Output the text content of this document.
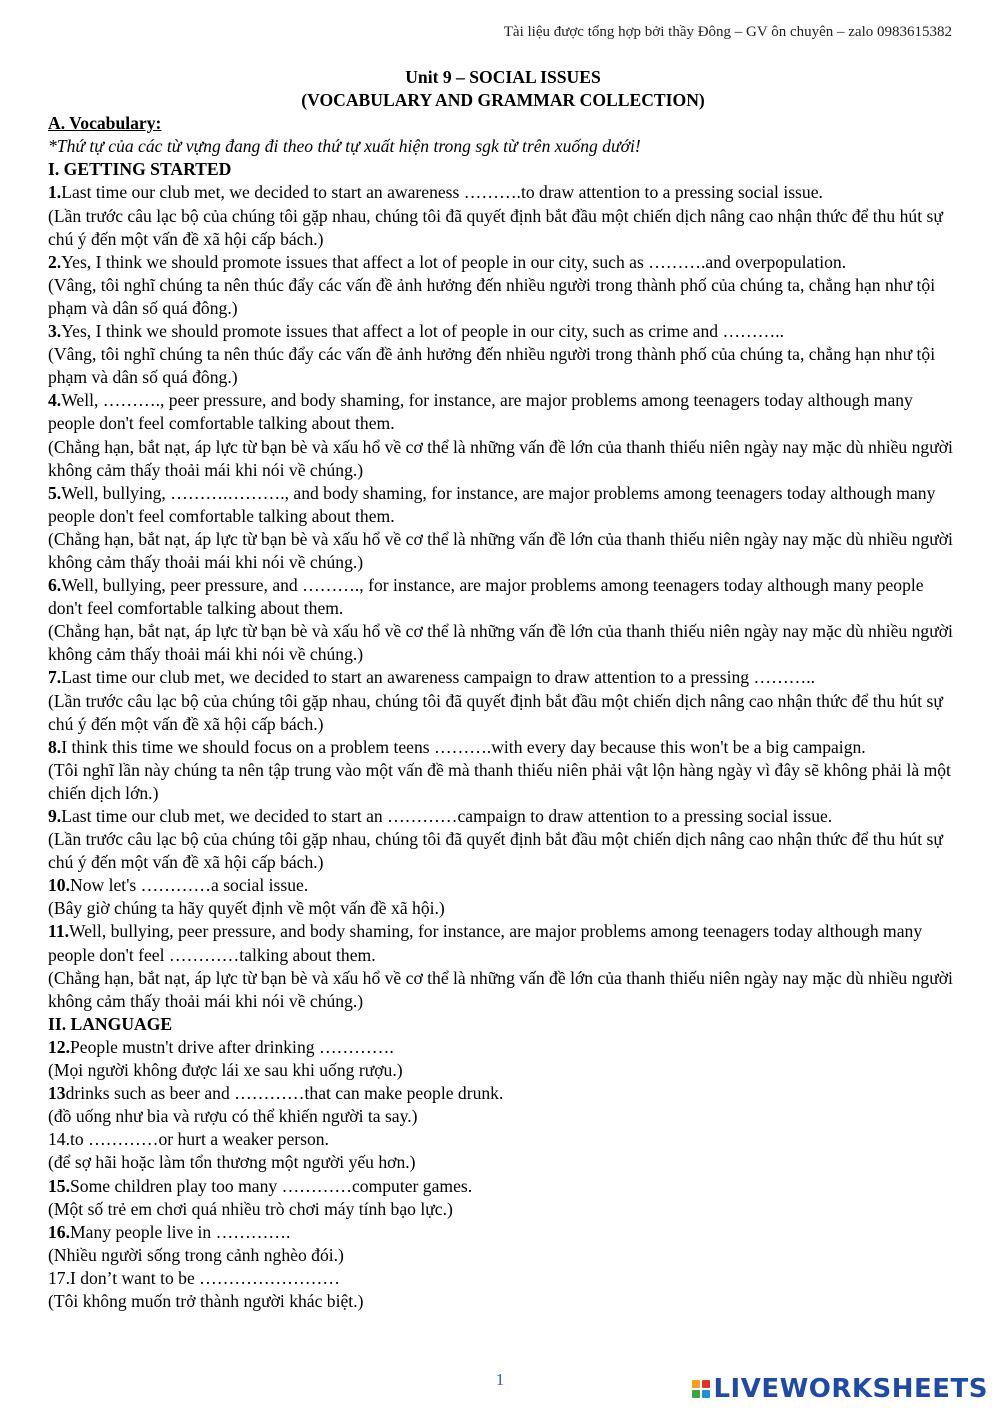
Tài liệu được tổng hợp bởi thầy Đông – GV ôn chuyên – zalo 0983615382
Unit 9 – SOCIAL ISSUES
(VOCABULARY AND GRAMMAR COLLECTION)
A. Vocabulary:
*Thứ tự của các từ vựng đang đi theo thứ tự xuất hiện trong sgk từ trên xuống dưới!
I. GETTING STARTED

1.Last time our club met, we decided to start an awareness ……….to draw attention to a pressing social issue.

(Lần trước câu lạc bộ của chúng tôi gặp nhau, chúng tôi đã quyết định bắt đầu một chiến dịch nâng cao nhận thức để thu hút sự chú ý đến một vấn đề xã hội cấp bách.)

2.Yes, I think we should promote issues that affect a lot of people in our city, such as ……….and overpopulation.

(Vâng, tôi nghĩ chúng ta nên thúc đẩy các vấn đề ảnh hưởng đến nhiều người trong thành phố của chúng ta, chẳng hạn như tội phạm và dân số quá đông.)

3.Yes, I think we should promote issues that affect a lot of people in our city, such as crime and ………..

(Vâng, tôi nghĩ chúng ta nên thúc đẩy các vấn đề ảnh hưởng đến nhiều người trong thành phố của chúng ta, chẳng hạn như tội phạm và dân số quá đông.)

4.Well, ………., peer pressure, and body shaming, for instance, are major problems among teenagers today although many people don't feel comfortable talking about them.

(Chẳng hạn, bắt nạt, áp lực từ bạn bè và xấu hổ về cơ thể là những vấn đề lớn của thanh thiếu niên ngày nay mặc dù nhiều người không cảm thấy thoải mái khi nói về chúng.)

5.Well, bullying, ……….………., and body shaming, for instance, are major problems among teenagers today although many people don't feel comfortable talking about them.

(Chẳng hạn, bắt nạt, áp lực từ bạn bè và xấu hổ về cơ thể là những vấn đề lớn của thanh thiếu niên ngày nay mặc dù nhiều người không cảm thấy thoải mái khi nói về chúng.)

6.Well, bullying, peer pressure, and ………., for instance, are major problems among teenagers today although many people don't feel comfortable talking about them.

(Chẳng hạn, bắt nạt, áp lực từ bạn bè và xấu hổ về cơ thể là những vấn đề lớn của thanh thiếu niên ngày nay mặc dù nhiều người không cảm thấy thoải mái khi nói về chúng.)

7.Last time our club met, we decided to start an awareness campaign to draw attention to a pressing ………..

(Lần trước câu lạc bộ của chúng tôi gặp nhau, chúng tôi đã quyết định bắt đầu một chiến dịch nâng cao nhận thức để thu hút sự chú ý đến một vấn đề xã hội cấp bách.)

8.I think this time we should focus on a problem teens ……….with every day because this won't be a big campaign.

(Tôi nghĩ lần này chúng ta nên tập trung vào một vấn đề mà thanh thiếu niên phải vật lộn hàng ngày vì đây sẽ không phải là một chiến dịch lớn.)

9.Last time our club met, we decided to start an …………campaign to draw attention to a pressing social issue.

(Lần trước câu lạc bộ của chúng tôi gặp nhau, chúng tôi đã quyết định bắt đầu một chiến dịch nâng cao nhận thức để thu hút sự chú ý đến một vấn đề xã hội cấp bách.)

10.Now let's …………a social issue.

(Bây giờ chúng ta hãy quyết định về một vấn đề xã hội.)

11.Well, bullying, peer pressure, and body shaming, for instance, are major problems among teenagers today although many people don't feel …………talking about them.

(Chẳng hạn, bắt nạt, áp lực từ bạn bè và xấu hổ về cơ thể là những vấn đề lớn của thanh thiếu niên ngày nay mặc dù nhiều người không cảm thấy thoải mái khi nói về chúng.)

II. LANGUAGE

12.People mustn't drive after drinking ………….

(Mọi người không được lái xe sau khi uống rượu.)

13drinks such as beer and …………that can make people drunk.

(đồ uống như bia và rượu có thể khiến người ta say.)

14.to …………or hurt a weaker person.

(để sợ hãi hoặc làm tổn thương một người yếu hơn.)

15.Some children play too many …………computer games.

(Một số trẻ em chơi quá nhiều trò chơi máy tính bạo lực.)

16.Many people live in ………….

(Nhiều người sống trong cảnh nghèo đói.)

17.I don’t want to be ……………………

(Tôi không muốn trở thành người khác biệt.)

1	LIVEWORKSHEETS
